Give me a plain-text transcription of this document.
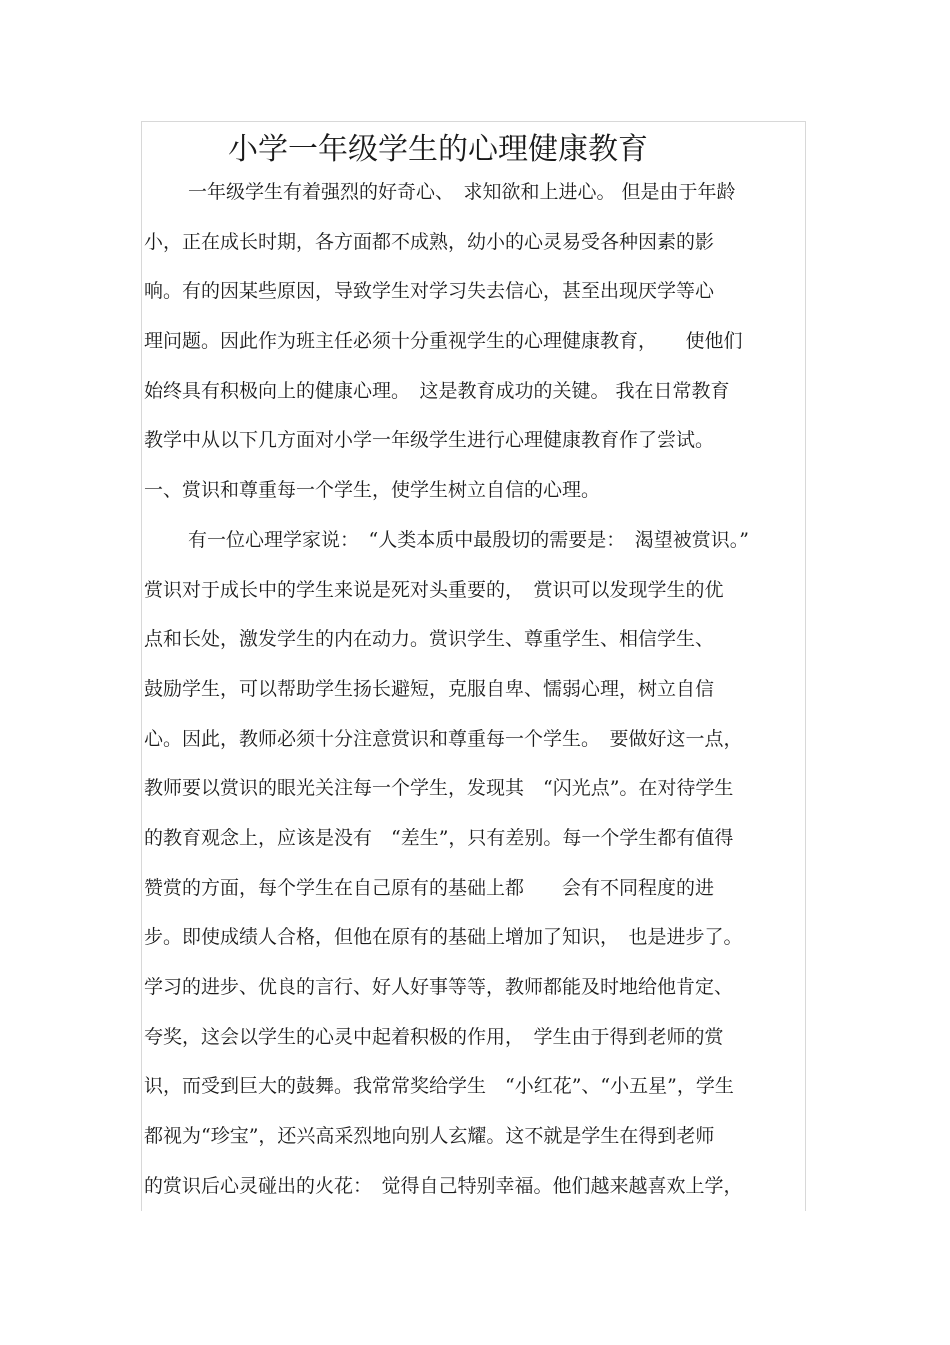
小学一年级学生的心理健康教育
一年级学生有着强烈的好奇心、　求知欲和上进心。 但是由于年龄
小，正在成长时期，各方面都不成熟，幼小的心灵易受各种因素的影
响。有的因某些原因，导致学生对学习失去信心，甚至出现厌学等心
理问题。因此作为班主任必须十分重视学生的心理健康教育，　　使他们
始终具有积极向上的健康心理。　这是教育成功的关键。 我在日常教育
教学中从以下几方面对小学一年级学生进行心理健康教育作了尝试。
一、赏识和尊重每一个学生，使学生树立自信的心理。
有一位心理学家说：　“人类本质中最殷切的需要是：　渴望被赏识。”
赏识对于成长中的学生来说是死对头重要的，　赏识可以发现学生的优
点和长处，激发学生的内在动力。赏识学生、尊重学生、相信学生、
鼓励学生，可以帮助学生扬长避短，克服自卑、懦弱心理，树立自信
心。因此，教师必须十分注意赏识和尊重每一个学生。　要做好这一点，
教师要以赏识的眼光关注每一个学生，发现其　“闪光点”。在对待学生
的教育观念上，应该是没有　“差生”，只有差别。每一个学生都有值得
赞赏的方面，每个学生在自己原有的基础上都　　会有不同程度的进
步。即使成绩人合格，但他在原有的基础上增加了知识，　也是进步了。
学习的进步、优良的言行、好人好事等等，教师都能及时地给他肯定、
夸奖，这会以学生的心灵中起着积极的作用，　学生由于得到老师的赏
识，而受到巨大的鼓舞。我常常奖给学生　“小红花”、“小五星”，学生
都视为“珍宝”，还兴高采烈地向别人玄耀。这不就是学生在得到老师
的赏识后心灵碰出的火花：　觉得自己特别幸福。他们越来越喜欢上学，
